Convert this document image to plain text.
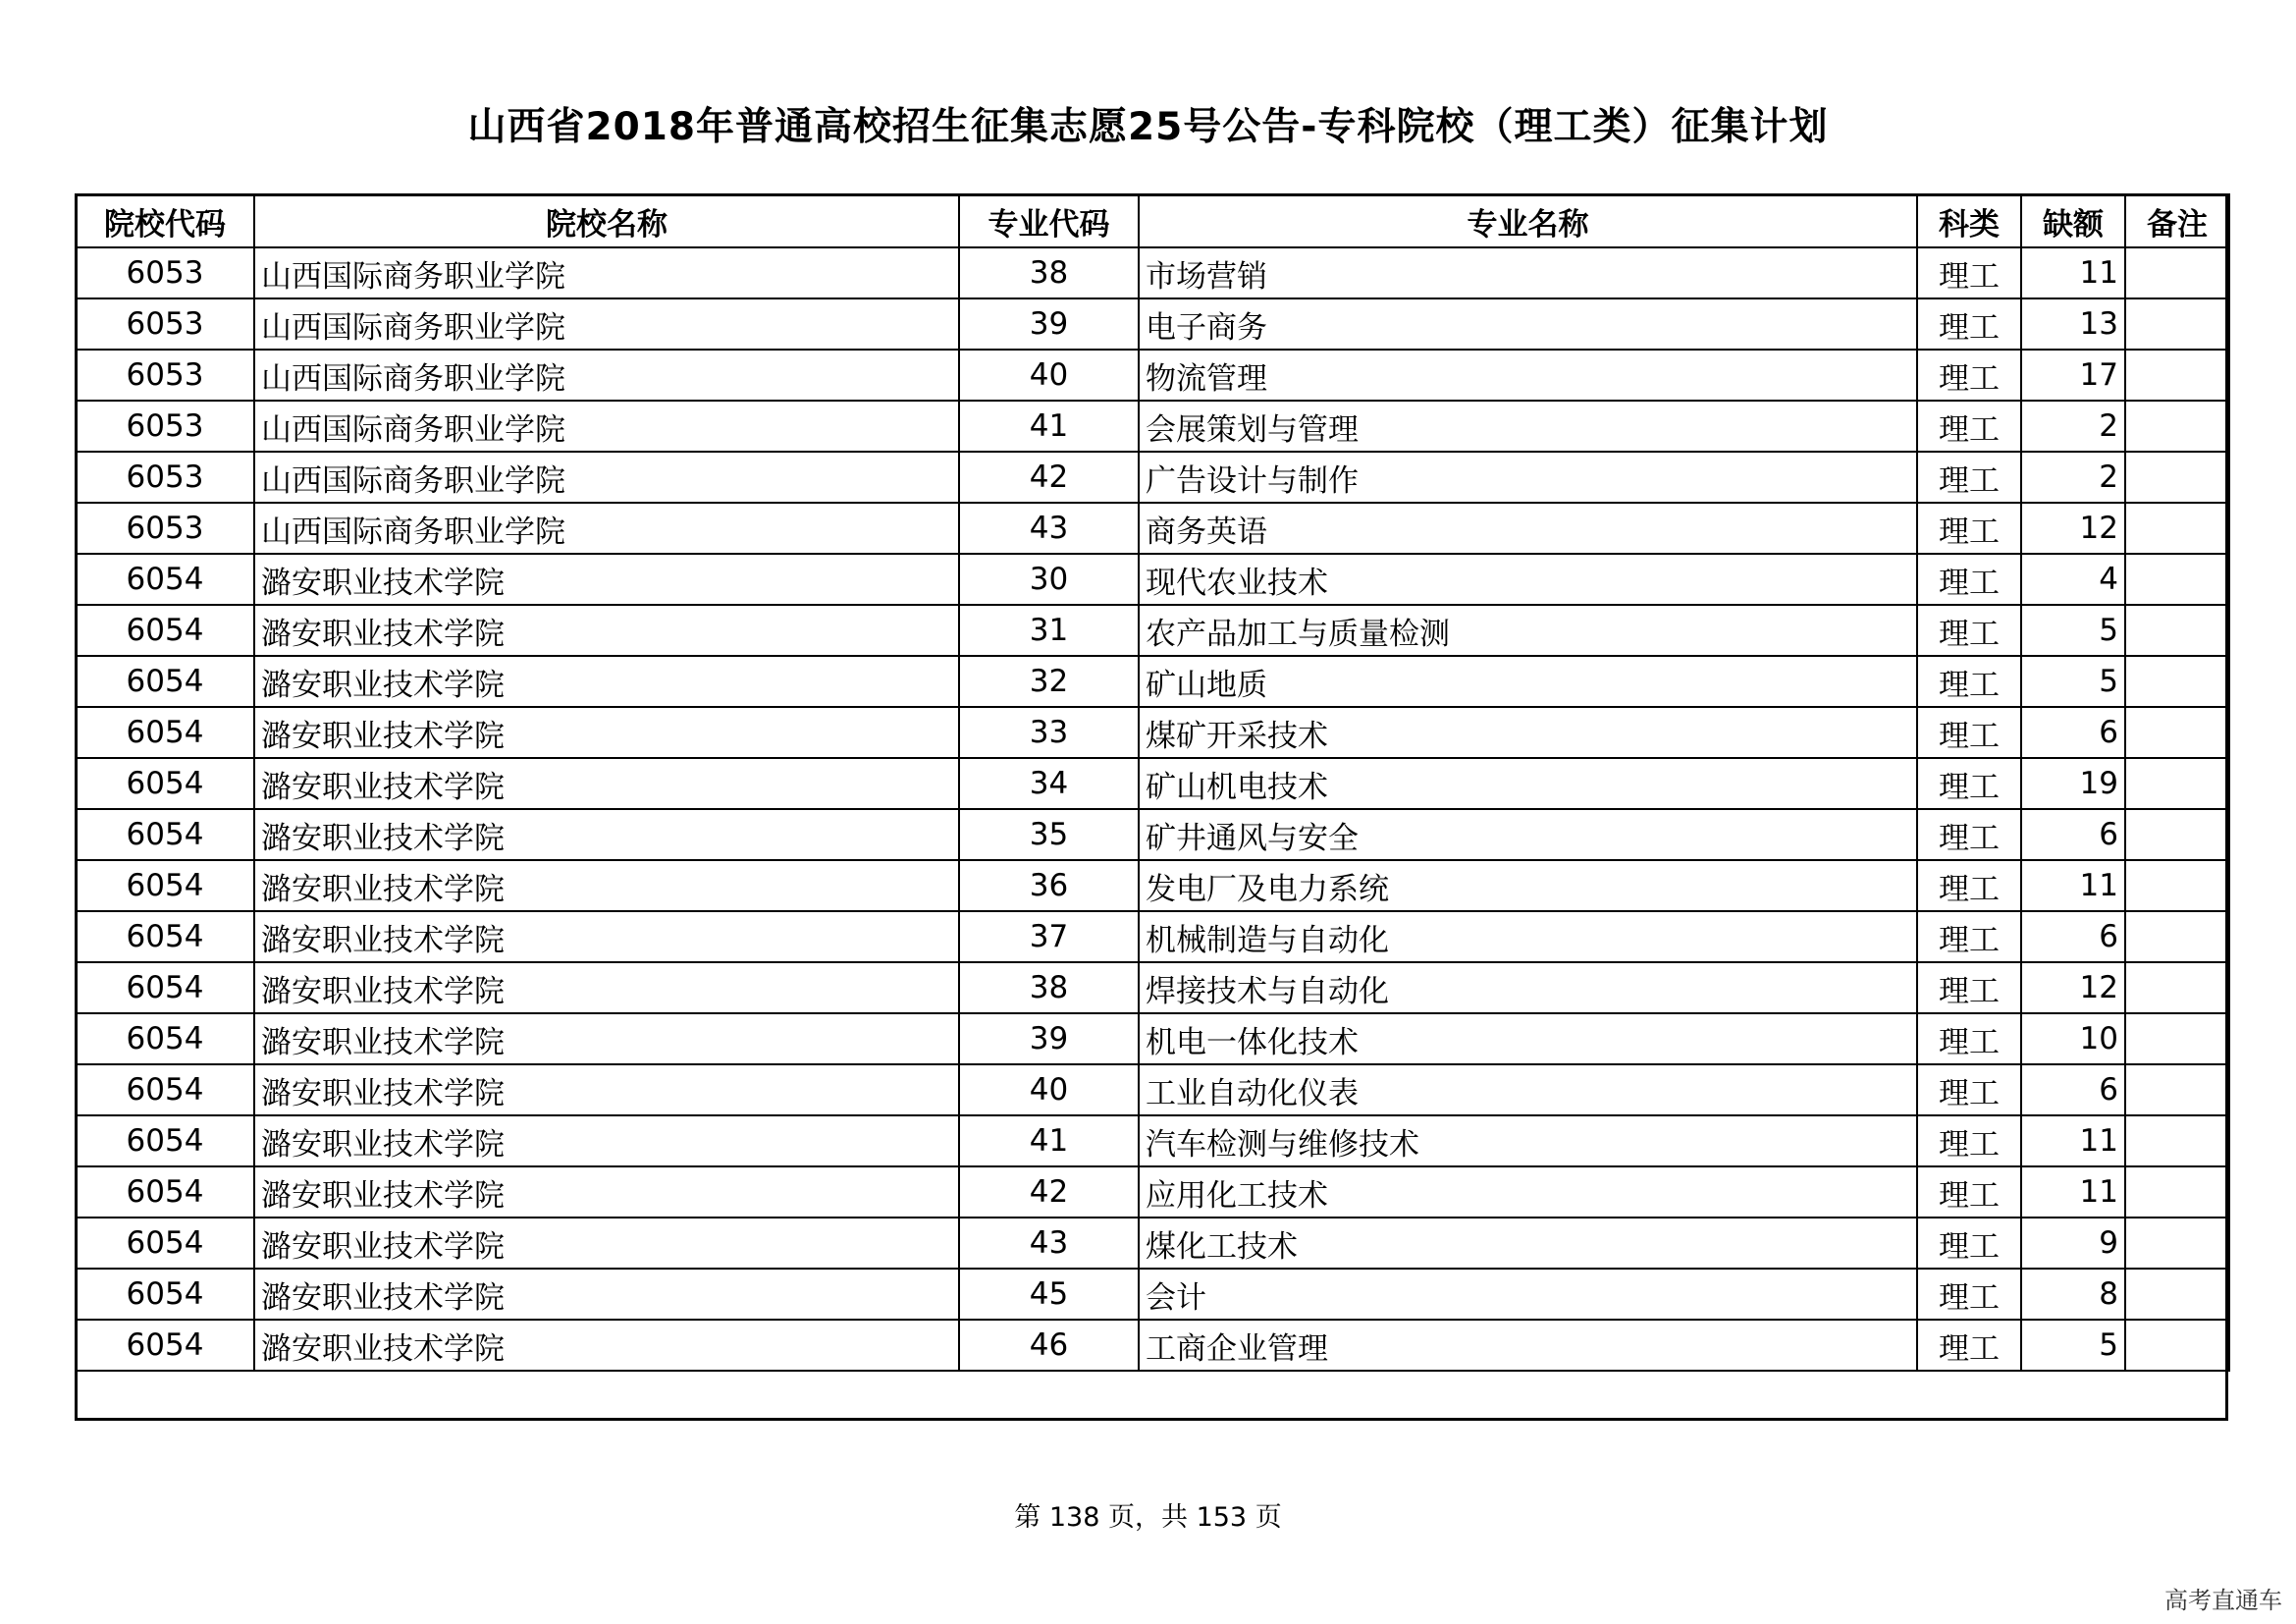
山西省2018年普通高校招生征集志愿25号公告-专科院校（理工类）征集计划
院校代码	院校名称	专业代码	专业名称	科类	缺额	备注
6053	山西国际商务职业学院	38	市场营销	理工	11	
6053	山西国际商务职业学院	39	电子商务	理工	13	
6053	山西国际商务职业学院	40	物流管理	理工	17	
6053	山西国际商务职业学院	41	会展策划与管理	理工	2	
6053	山西国际商务职业学院	42	广告设计与制作	理工	2	
6053	山西国际商务职业学院	43	商务英语	理工	12	
6054	潞安职业技术学院	30	现代农业技术	理工	4	
6054	潞安职业技术学院	31	农产品加工与质量检测	理工	5	
6054	潞安职业技术学院	32	矿山地质	理工	5	
6054	潞安职业技术学院	33	煤矿开采技术	理工	6	
6054	潞安职业技术学院	34	矿山机电技术	理工	19	
6054	潞安职业技术学院	35	矿井通风与安全	理工	6	
6054	潞安职业技术学院	36	发电厂及电力系统	理工	11	
6054	潞安职业技术学院	37	机械制造与自动化	理工	6	
6054	潞安职业技术学院	38	焊接技术与自动化	理工	12	
6054	潞安职业技术学院	39	机电一体化技术	理工	10	
6054	潞安职业技术学院	40	工业自动化仪表	理工	6	
6054	潞安职业技术学院	41	汽车检测与维修技术	理工	11	
6054	潞安职业技术学院	42	应用化工技术	理工	11	
6054	潞安职业技术学院	43	煤化工技术	理工	9	
6054	潞安职业技术学院	45	会计	理工	8	
6054	潞安职业技术学院	46	工商企业管理	理工	5	
第 138 页，共 153 页
高考直通车
